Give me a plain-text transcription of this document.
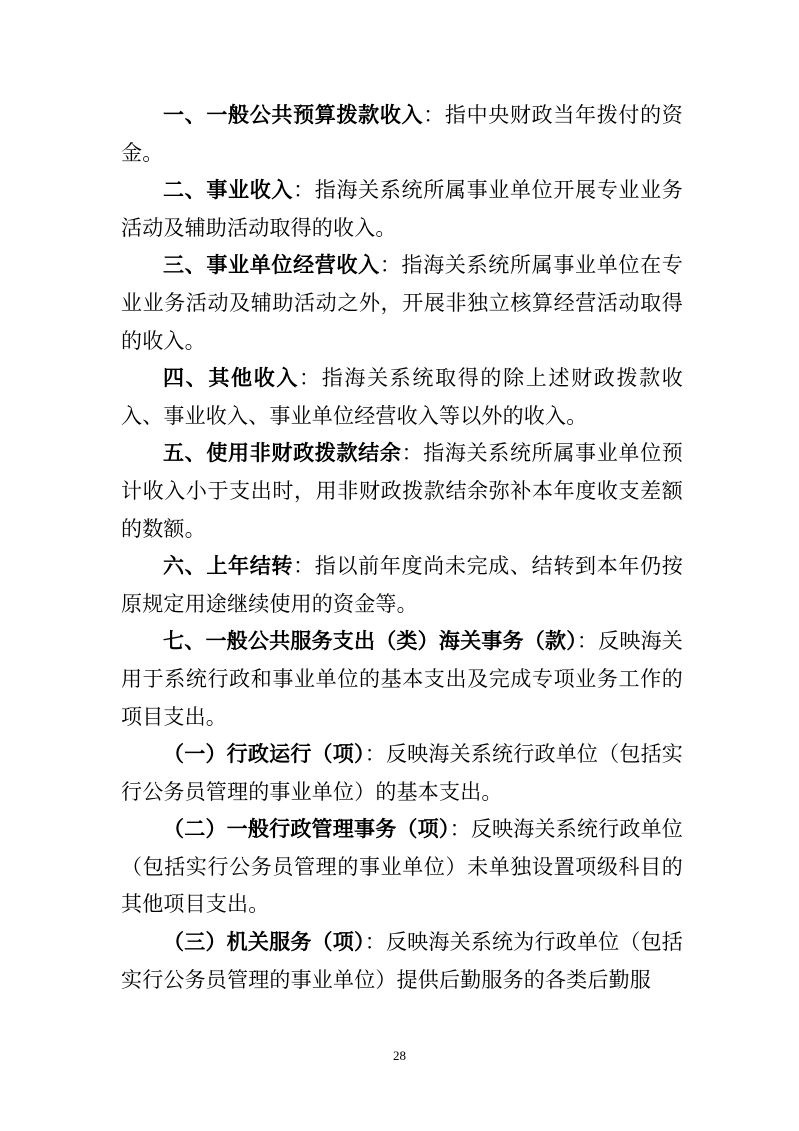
一、一般公共预算拨款收入：指中央财政当年拨付的资金。

二、事业收入：指海关系统所属事业单位开展专业业务活动及辅助活动取得的收入。

三、事业单位经营收入：指海关系统所属事业单位在专业业务活动及辅助活动之外，开展非独立核算经营活动取得的收入。

四、其他收入：指海关系统取得的除上述财政拨款收入、事业收入、事业单位经营收入等以外的收入。

五、使用非财政拨款结余：指海关系统所属事业单位预计收入小于支出时，用非财政拨款结余弥补本年度收支差额的数额。

六、上年结转：指以前年度尚未完成、结转到本年仍按原规定用途继续使用的资金等。

七、一般公共服务支出（类）海关事务（款）：反映海关用于系统行政和事业单位的基本支出及完成专项业务工作的项目支出。

（一）行政运行（项）：反映海关系统行政单位（包括实行公务员管理的事业单位）的基本支出。

（二）一般行政管理事务（项）：反映海关系统行政单位（包括实行公务员管理的事业单位）未单独设置项级科目的其他项目支出。

（三）机关服务（项）：反映海关系统为行政单位（包括实行公务员管理的事业单位）提供后勤服务的各类后勤服

28
